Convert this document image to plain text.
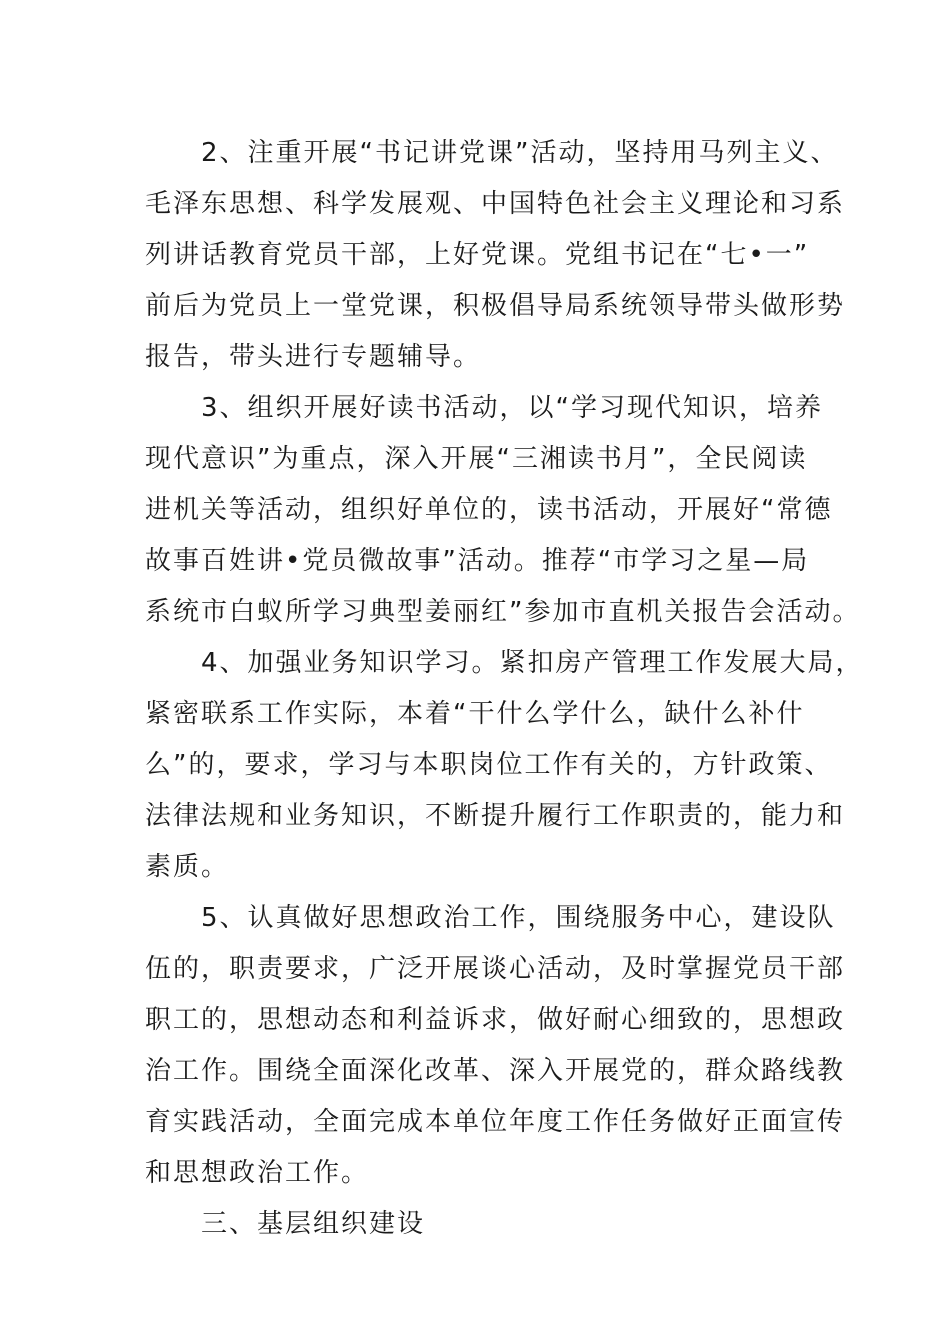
2、注重开展“书记讲党课”活动，坚持用马列主义、
毛泽东思想、科学发展观、中国特色社会主义理论和习系
列讲话教育党员干部，上好党课。党组书记在“七•一”
前后为党员上一堂党课，积极倡导局系统领导带头做形势
报告，带头进行专题辅导。
3、组织开展好读书活动，以“学习现代知识，培养
现代意识”为重点，深入开展“三湘读书月”，全民阅读
进机关等活动，组织好单位的，读书活动，开展好“常德
故事百姓讲•党员微故事”活动。推荐“市学习之星—局
系统市白蚁所学习典型姜丽红”参加市直机关报告会活动。
4、加强业务知识学习。紧扣房产管理工作发展大局，
紧密联系工作实际，本着“干什么学什么，缺什么补什
么”的，要求，学习与本职岗位工作有关的，方针政策、
法律法规和业务知识，不断提升履行工作职责的，能力和
素质。
5、认真做好思想政治工作，围绕服务中心，建设队
伍的，职责要求，广泛开展谈心活动，及时掌握党员干部
职工的，思想动态和利益诉求，做好耐心细致的，思想政
治工作。围绕全面深化改革、深入开展党的，群众路线教
育实践活动，全面完成本单位年度工作任务做好正面宣传
和思想政治工作。
三、基层组织建设
